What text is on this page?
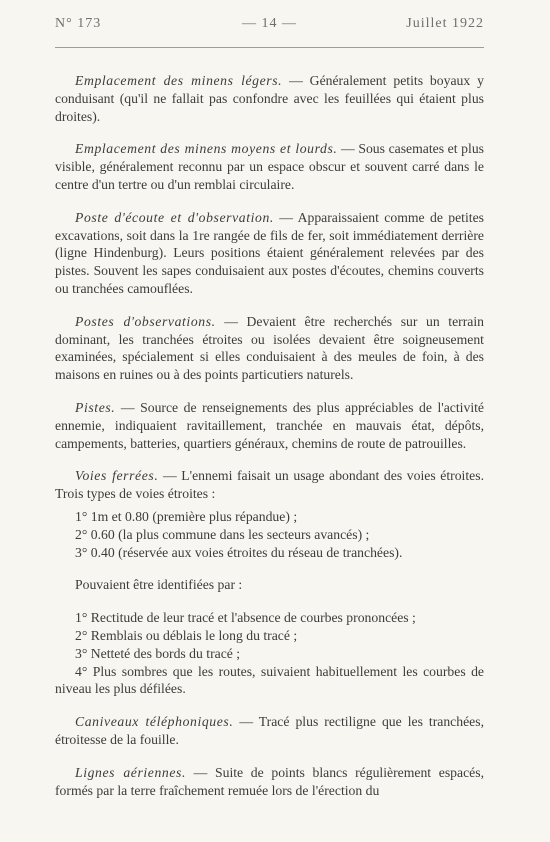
N° 173	— 14 —	Juillet 1922

Emplacement des minens légers. — Généralement petits boyaux y conduisant (qu'il ne fallait pas confondre avec les feuillées qui étaient plus droites).

Emplacement des minens moyens et lourds. — Sous casemates et plus visible, généralement reconnu par un espace obscur et souvent carré dans le centre d'un tertre ou d'un remblai circulaire.

Poste d'écoute et d'observation. — Apparaissaient comme de petites excavations, soit dans la 1re rangée de fils de fer, soit immédiatement derrière (ligne Hindenburg). Leurs positions étaient généralement relevées par des pistes. Souvent les sapes conduisaient aux postes d'écoutes, chemins couverts ou tranchées camouflées.

Postes d'observations. — Devaient être recherchés sur un terrain dominant, les tranchées étroites ou isolées devaient être soigneusement examinées, spécialement si elles conduisaient à des meules de foin, à des maisons en ruines ou à des points particutiers naturels.

Pistes. — Source de renseignements des plus appréciables de l'activité ennemie, indiquaient ravitaillement, tranchée en mauvais état, dépôts, campements, batteries, quartiers généraux, chemins de route de patrouilles.

Voies ferrées. — L'ennemi faisait un usage abondant des voies étroites. Trois types de voies étroites :

1° 1m et 0.80 (première plus répandue) ;

2° 0.60 (la plus commune dans les secteurs avancés) ;

3° 0.40 (réservée aux voies étroites du réseau de tranchées).

Pouvaient être identifiées par :

1° Rectitude de leur tracé et l'absence de courbes prononcées ;

2° Remblais ou déblais le long du tracé ;

3° Netteté des bords du tracé ;

4° Plus sombres que les routes, suivaient habituellement les courbes de niveau les plus défilées.

Caniveaux téléphoniques. — Tracé plus rectiligne que les tranchées, étroitesse de la fouille.

Lignes aériennes. — Suite de points blancs régulièrement espacés, formés par la terre fraîchement remuée lors de l'érection du
